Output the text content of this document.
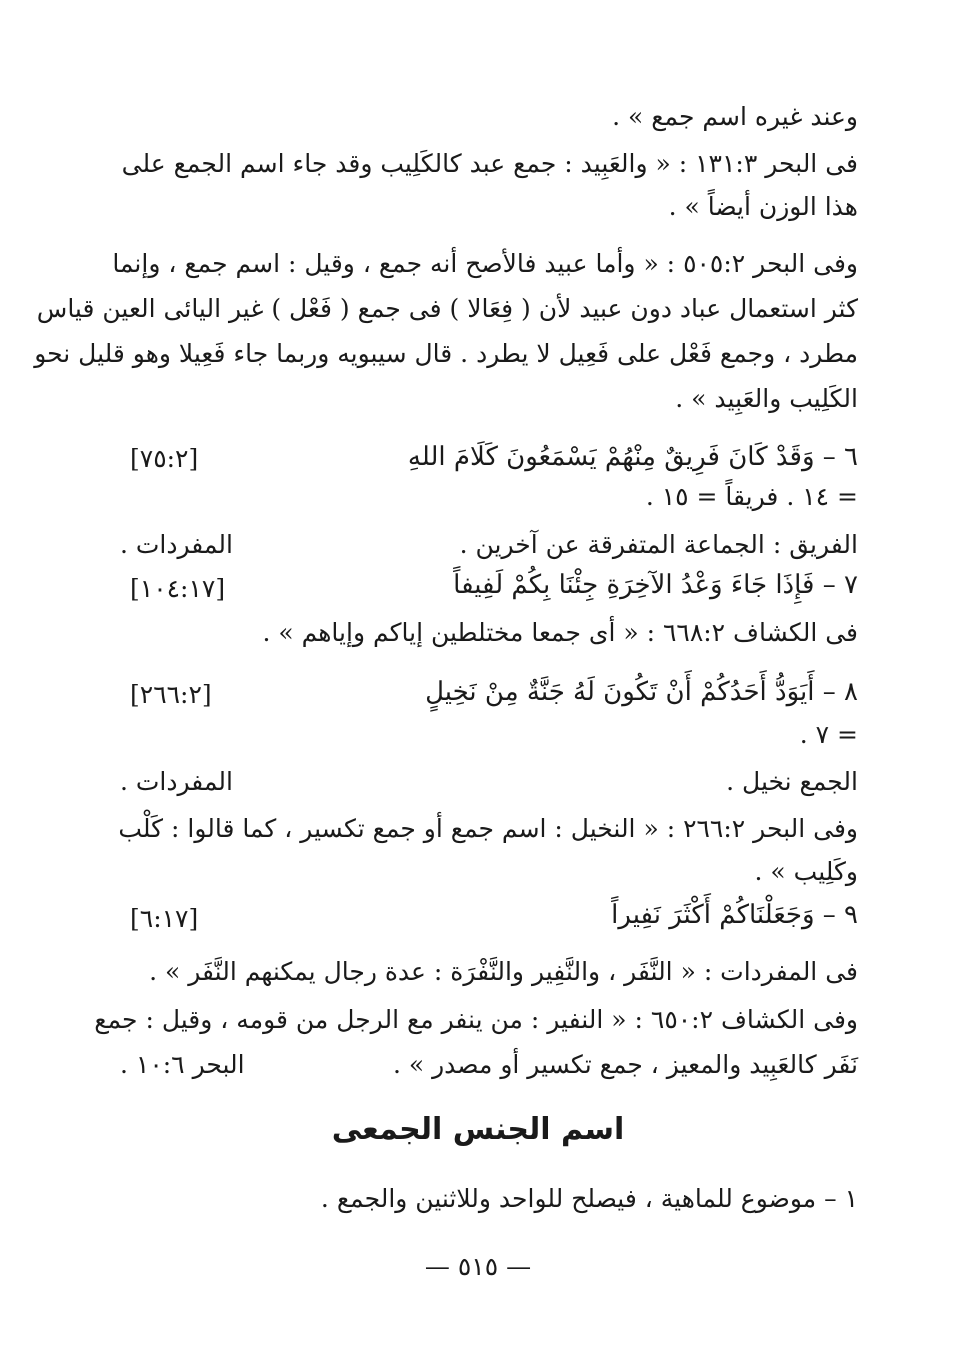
وعند غيره اسم جمع » .
فى البحر ١٣١:٣ : « والعَبِيد : جمع عبد كالكَلِيب وقد جاء اسم الجمع على
هذا الوزن أيضاً » .
وفى البحر ٥٠٥:٢ : « وأما عبيد فالأصح أنه جمع ، وقيل : اسم جمع ، وإنما
كثر استعمال عباد دون عبيد لأن ( فِعَالا ) فى جمع ( فَعْل ) غير اليائى العين قياس
مطرد ، وجمع فَعْل على فَعِيل لا يطرد . قال سيبويه وربما جاء فَعِيلا وهو قليل نحو
الكَلِيب والعَبِيد » .
٦ – وَقَدْ كَانَ فَرِيقٌ مِنْهُمْ يَسْمَعُونَ كَلَامَ اللهِ
[٧٥:٢]
= ١٤ . فريقاً = ١٥ .
الفريق : الجماعة المتفرقة عن آخرين .
المفردات .
٧ – فَإِذَا جَاءَ وَعْدُ الآخِرَةِ جِئْنَا بِكُمْ لَفِيفاً
[١٠٤:١٧]
فى الكشاف ٦٦٨:٢ : « أى جمعا مختلطين إياكم وإياهم » .
٨ – أَيَوَدُّ أَحَدُكُمْ أَنْ تَكُونَ لَهُ جَنَّةٌ مِنْ نَخِيلٍ
[٢٦٦:٢]
= ٧ .
الجمع نخيل .
المفردات .
وفى البحر ٢٦٦:٢ : « النخيل : اسم جمع أو جمع تكسير ، كما قالوا : كَلْب
وكَلِيب » .
٩ – وَجَعَلْنَاكُمْ أَكْثَرَ نَفِيراً
[٦:١٧]
فى المفردات : « النَّفَر ، والنَّفِير والنَّفْرَة : عدة رجال يمكنهم النَّفَر » .
وفى الكشاف ٦٥٠:٢ : « النفير : من ينفر مع الرجل من قومه ، وقيل : جمع
نَفَر كالعَبِيد والمعيز ، جمع تكسير أو مصدر » .
البحر ١٠:٦ .
اسم الجنس الجمعى
١ – موضوع للماهية ، فيصلح للواحد وللاثنين والجمع .
— ٥١٥ —
